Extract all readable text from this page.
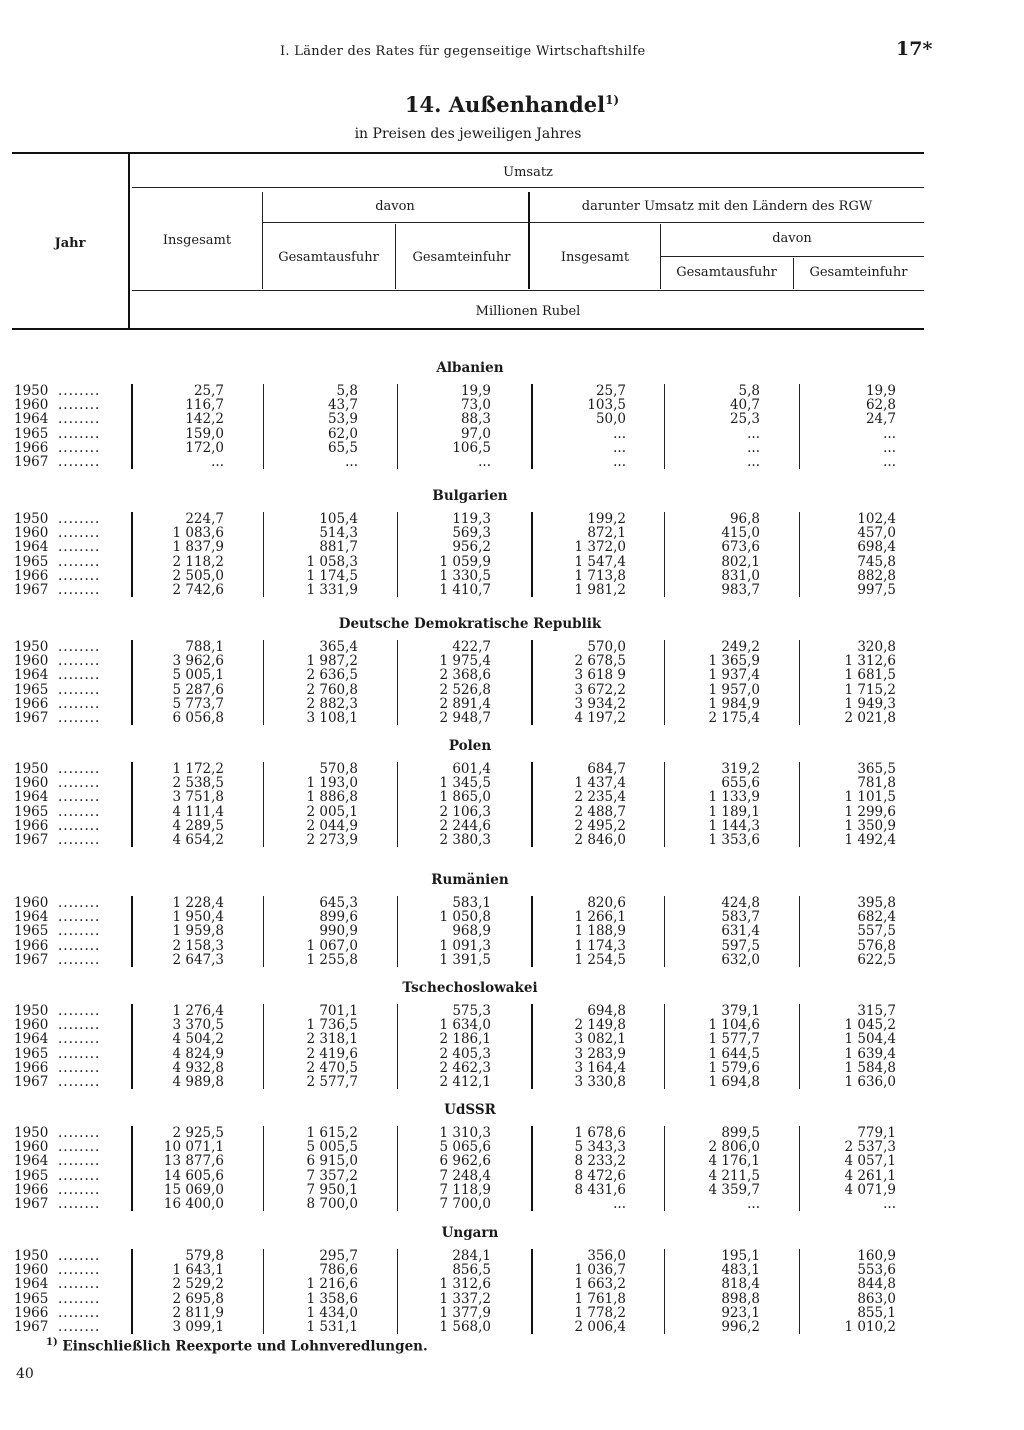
I. Länder des Rates für gegenseitige Wirtschaftshilfe	17*
14. Außenhandel$^{1)}$
in Preisen des jeweiligen Jahres
Jahr
Umsatz
Insgesamt
davon	darunter Umsatz mit den Ländern des RGW
Gesamtausfuhr	Gesamteinfuhr	Insgesamt
davon
Gesamtausfuhr	Gesamteinfuhr
Millionen Rubel
Albanien
1950 ........	25,7	5,8	19,9	25,7	5,8	19,9
1960 ........	116,7	43,7	73,0	103,5	40,7	62,8
1964 ........	142,2	53,9	88,3	50,0	25,3	24,7
1965 ........	159,0	62,0	97,0	...	...	...
1966 ........	172,0	65,5	106,5	...	...	...
1967 ........	...	...	...	...	...	...
Bulgarien
1950 ........	224,7	105,4	119,3	199,2	96,8	102,4
1960 ........	1 083,6	514,3	569,3	872,1	415,0	457,0
1964 ........	1 837,9	881,7	956,2	1 372,0	673,6	698,4
1965 ........	2 118,2	1 058,3	1 059,9	1 547,4	802,1	745,8
1966 ........	2 505,0	1 174,5	1 330,5	1 713,8	831,0	882,8
1967 ........	2 742,6	1 331,9	1 410,7	1 981,2	983,7	997,5
Deutsche Demokratische Republik
1950 ........	788,1	365,4	422,7	570,0	249,2	320,8
1960 ........	3 962,6	1 987,2	1 975,4	2 678,5	1 365,9	1 312,6
1964 ........	5 005,1	2 636,5	2 368,6	3 618 9	1 937,4	1 681,5
1965 ........	5 287,6	2 760,8	2 526,8	3 672,2	1 957,0	1 715,2
1966 ........	5 773,7	2 882,3	2 891,4	3 934,2	1 984,9	1 949,3
1967 ........	6 056,8	3 108,1	2 948,7	4 197,2	2 175,4	2 021,8
Polen
1950 ........	1 172,2	570,8	601,4	684,7	319,2	365,5
1960 ........	2 538,5	1 193,0	1 345,5	1 437,4	655,6	781,8
1964 ........	3 751,8	1 886,8	1 865,0	2 235,4	1 133,9	1 101,5
1965 ........	4 111,4	2 005,1	2 106,3	2 488,7	1 189,1	1 299,6
1966 ........	4 289,5	2 044,9	2 244,6	2 495,2	1 144,3	1 350,9
1967 ........	4 654,2	2 273,9	2 380,3	2 846,0	1 353,6	1 492,4
Rumänien
1960 ........	1 228,4	645,3	583,1	820,6	424,8	395,8
1964 ........	1 950,4	899,6	1 050,8	1 266,1	583,7	682,4
1965 ........	1 959,8	990,9	968,9	1 188,9	631,4	557,5
1966 ........	2 158,3	1 067,0	1 091,3	1 174,3	597,5	576,8
1967 ........	2 647,3	1 255,8	1 391,5	1 254,5	632,0	622,5
Tschechoslowakei
1950 ........	1 276,4	701,1	575,3	694,8	379,1	315,7
1960 ........	3 370,5	1 736,5	1 634,0	2 149,8	1 104,6	1 045,2
1964 ........	4 504,2	2 318,1	2 186,1	3 082,1	1 577,7	1 504,4
1965 ........	4 824,9	2 419,6	2 405,3	3 283,9	1 644,5	1 639,4
1966 ........	4 932,8	2 470,5	2 462,3	3 164,4	1 579,6	1 584,8
1967 ........	4 989,8	2 577,7	2 412,1	3 330,8	1 694,8	1 636,0
UdSSR
1950 ........	2 925,5	1 615,2	1 310,3	1 678,6	899,5	779,1
1960 ........	10 071,1	5 005,5	5 065,6	5 343,3	2 806,0	2 537,3
1964 ........	13 877,6	6 915,0	6 962,6	8 233,2	4 176,1	4 057,1
1965 ........	14 605,6	7 357,2	7 248,4	8 472,6	4 211,5	4 261,1
1966 ........	15 069,0	7 950,1	7 118,9	8 431,6	4 359,7	4 071,9
1967 ........	16 400,0	8 700,0	7 700,0	...	...	...
Ungarn
1950 ........	579,8	295,7	284,1	356,0	195,1	160,9
1960 ........	1 643,1	786,6	856,5	1 036,7	483,1	553,6
1964 ........	2 529,2	1 216,6	1 312,6	1 663,2	818,4	844,8
1965 ........	2 695,8	1 358,6	1 337,2	1 761,8	898,8	863,0
1966 ........	2 811,9	1 434,0	1 377,9	1 778,2	923,1	855,1
1967 ........	3 099,1	1 531,1	1 568,0	2 006,4	996,2	1 010,2
$^{1)}$ Einschließlich Reexporte und Lohnveredlungen.
40
